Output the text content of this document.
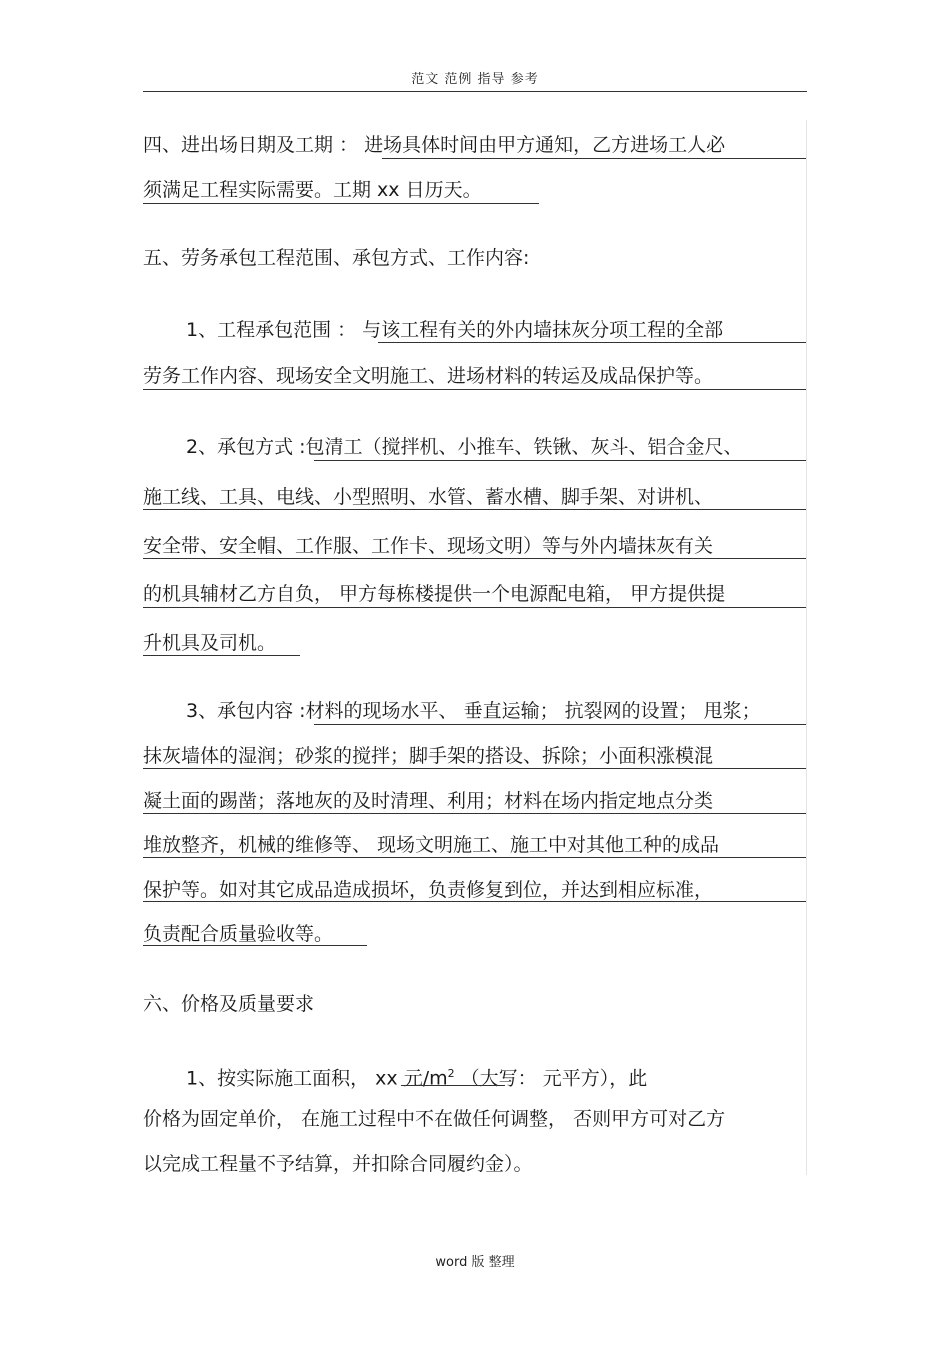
范文 范例 指导 参考
四、进出场日期及工期 ： 进场具体时间由甲方通知，乙方进场工人必
须满足工程实际需要。工期 xx 日历天。
五、劳务承包工程范围、承包方式、工作内容:
1、工程承包范围 ： 与该工程有关的外内墙抹灰分项工程的全部
劳务工作内容、现场安全文明施工、进场材料的转运及成品保护等。
2、承包方式 :包清工（搅拌机、小推车、铁锹、灰斗、铝合金尺、
施工线、工具、电线、小型照明、水管、蓄水槽、脚手架、对讲机、
安全带、安全帽、工作服、工作卡、现场文明）等与外内墙抹灰有关
的机具辅材乙方自负， 甲方每栋楼提供一个电源配电箱， 甲方提供提
升机具及司机。
3、承包内容 :材料的现场水平、 垂直运输； 抗裂网的设置； 甩浆；
抹灰墙体的湿润；砂浆的搅拌；脚手架的搭设、拆除；小面积涨模混
凝土面的踢凿；落地灰的及时清理、利用；材料在场内指定地点分类
堆放整齐，机械的维修等、 现场文明施工、施工中对其他工种的成品
保护等。如对其它成品造成损坏，负责修复到位，并达到相应标准，
负责配合质量验收等。
六、价格及质量要求
1、按实际施工面积， xx 元$/m^2$ （大写： 元平方），此
价格为固定单价， 在施工过程中不在做任何调整， 否则甲方可对乙方
以完成工程量不予结算，并扣除合同履约金）。
word 版 整理
